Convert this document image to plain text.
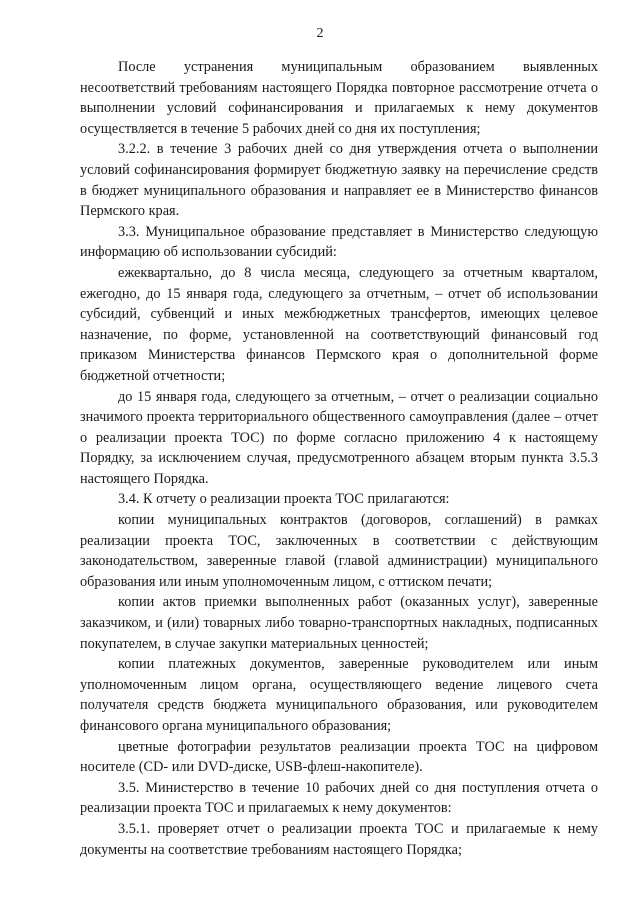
2

После устранения муниципальным образованием выявленных несоответствий требованиям настоящего Порядка повторное рассмотрение отчета о выполнении условий софинансирования и прилагаемых к нему документов осуществляется в течение 5 рабочих дней со дня их поступления;

3.2.2. в течение 3 рабочих дней со дня утверждения отчета о выполнении условий софинансирования формирует бюджетную заявку на перечисление средств в бюджет муниципального образования и направляет ее в Министерство финансов Пермского края.

3.3. Муниципальное образование представляет в Министерство следующую информацию об использовании субсидий:

ежеквартально, до 8 числа месяца, следующего за отчетным кварталом, ежегодно, до 15 января года, следующего за отчетным, – отчет об использовании субсидий, субвенций и иных межбюджетных трансфертов, имеющих целевое назначение, по форме, установленной на соответствующий финансовый год приказом Министерства финансов Пермского края о дополнительной форме бюджетной отчетности;

до 15 января года, следующего за отчетным, – отчет о реализации социально значимого проекта территориального общественного самоуправления (далее – отчет о реализации проекта ТОС) по форме согласно приложению 4 к настоящему Порядку, за исключением случая, предусмотренного абзацем вторым пункта 3.5.3 настоящего Порядка.

3.4. К отчету о реализации проекта ТОС прилагаются:

копии муниципальных контрактов (договоров, соглашений) в рамках реализации проекта ТОС, заключенных в соответствии с действующим законодательством, заверенные главой (главой администрации) муниципального образования или иным уполномоченным лицом, с оттиском печати;

копии актов приемки выполненных работ (оказанных услуг), заверенные заказчиком, и (или) товарных либо товарно-транспортных накладных, подписанных покупателем, в случае закупки материальных ценностей;

копии платежных документов, заверенные руководителем или иным уполномоченным лицом органа, осуществляющего ведение лицевого счета получателя средств бюджета муниципального образования, или руководителем финансового органа муниципального образования;

цветные фотографии результатов реализации проекта ТОС на цифровом носителе (CD- или DVD-диске, USB-флеш-накопителе).

3.5. Министерство в течение 10 рабочих дней со дня поступления отчета о реализации проекта ТОС и прилагаемых к нему документов:

3.5.1. проверяет отчет о реализации проекта ТОС и прилагаемые к нему документы на соответствие требованиям настоящего Порядка;
